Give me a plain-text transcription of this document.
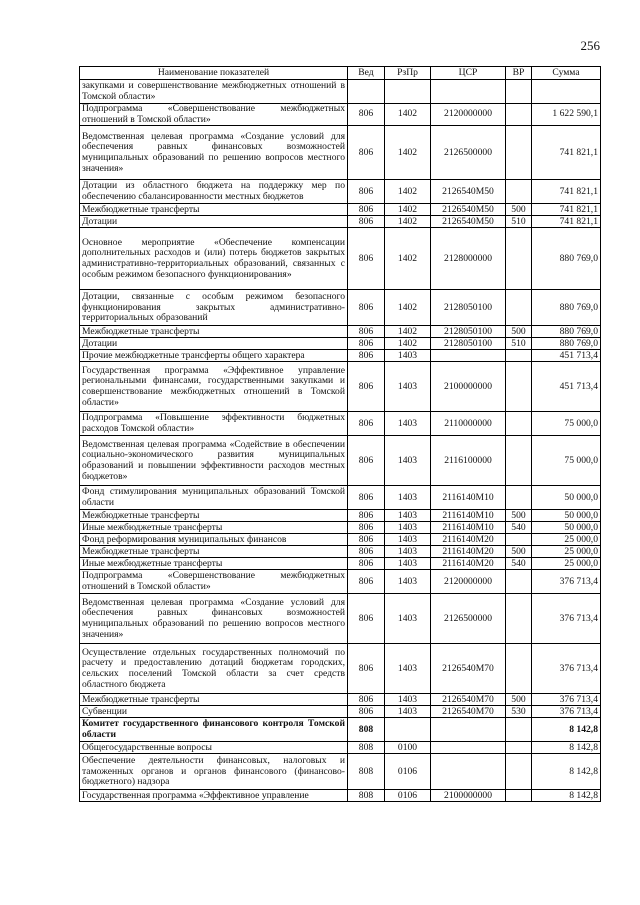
256
Наименование показателей	Вед	РзПр	ЦСР	ВР	Сумма
закупками и совершенствование межбюджетных отношений в Томской области»					
Подпрограмма «Совершенствование межбюджетных отношений в Томской области»	806	1402	2120000000		1 622 590,1
Ведомственная целевая программа «Создание условий для обеспечения равных финансовых возможностей муниципальных образований по решению вопросов местного значения»	806	1402	2126500000		741 821,1
Дотации из областного бюджета на поддержку мер по обеспечению сбалансированности местных бюджетов	806	1402	2126540M50		741 821,1
Межбюджетные трансферты	806	1402	2126540M50	500	741 821,1
Дотации	806	1402	2126540M50	510	741 821,1
Основное мероприятие «Обеспечение компенсации дополнительных расходов и (или) потерь бюджетов закрытых административно-территориальных образований, связанных с особым режимом безопасного функционирования»	806	1402	2128000000		880 769,0
Дотации, связанные с особым режимом безопасного функционирования закрытых административно-территориальных образований	806	1402	2128050100		880 769,0
Межбюджетные трансферты	806	1402	2128050100	500	880 769,0
Дотации	806	1402	2128050100	510	880 769,0
Прочие межбюджетные трансферты общего характера	806	1403			451 713,4
Государственная программа «Эффективное управление региональными финансами, государственными закупками и совершенствование межбюджетных отношений в Томской области»	806	1403	2100000000		451 713,4
Подпрограмма «Повышение эффективности бюджетных расходов Томской области»	806	1403	2110000000		75 000,0
Ведомственная целевая программа «Содействие в обеспечении социально-экономического развития муниципальных образований и повышении эффективности расходов местных бюджетов»	806	1403	2116100000		75 000,0
Фонд стимулирования муниципальных образований Томской области	806	1403	2116140M10		50 000,0
Межбюджетные трансферты	806	1403	2116140M10	500	50 000,0
Иные межбюджетные трансферты	806	1403	2116140M10	540	50 000,0
Фонд реформирования муниципальных финансов	806	1403	2116140M20		25 000,0
Межбюджетные трансферты	806	1403	2116140M20	500	25 000,0
Иные межбюджетные трансферты	806	1403	2116140M20	540	25 000,0
Подпрограмма «Совершенствование межбюджетных отношений в Томской области»	806	1403	2120000000		376 713,4
Ведомственная целевая программа «Создание условий для обеспечения равных финансовых возможностей муниципальных образований по решению вопросов местного значения»	806	1403	2126500000		376 713,4
Осуществление отдельных государственных полномочий по расчету и предоставлению дотаций бюджетам городских, сельских поселений Томской области за счет средств областного бюджета	806	1403	2126540M70		376 713,4
Межбюджетные трансферты	806	1403	2126540M70	500	376 713,4
Субвенции	806	1403	2126540M70	530	376 713,4
Комитет государственного финансового контроля Томской области	808				8 142,8
Общегосударственные вопросы	808	0100			8 142,8
Обеспечение деятельности финансовых, налоговых и таможенных органов и органов финансового (финансово-бюджетного) надзора	808	0106			8 142,8
Государственная программа «Эффективное управление	808	0106	2100000000		8 142,8
